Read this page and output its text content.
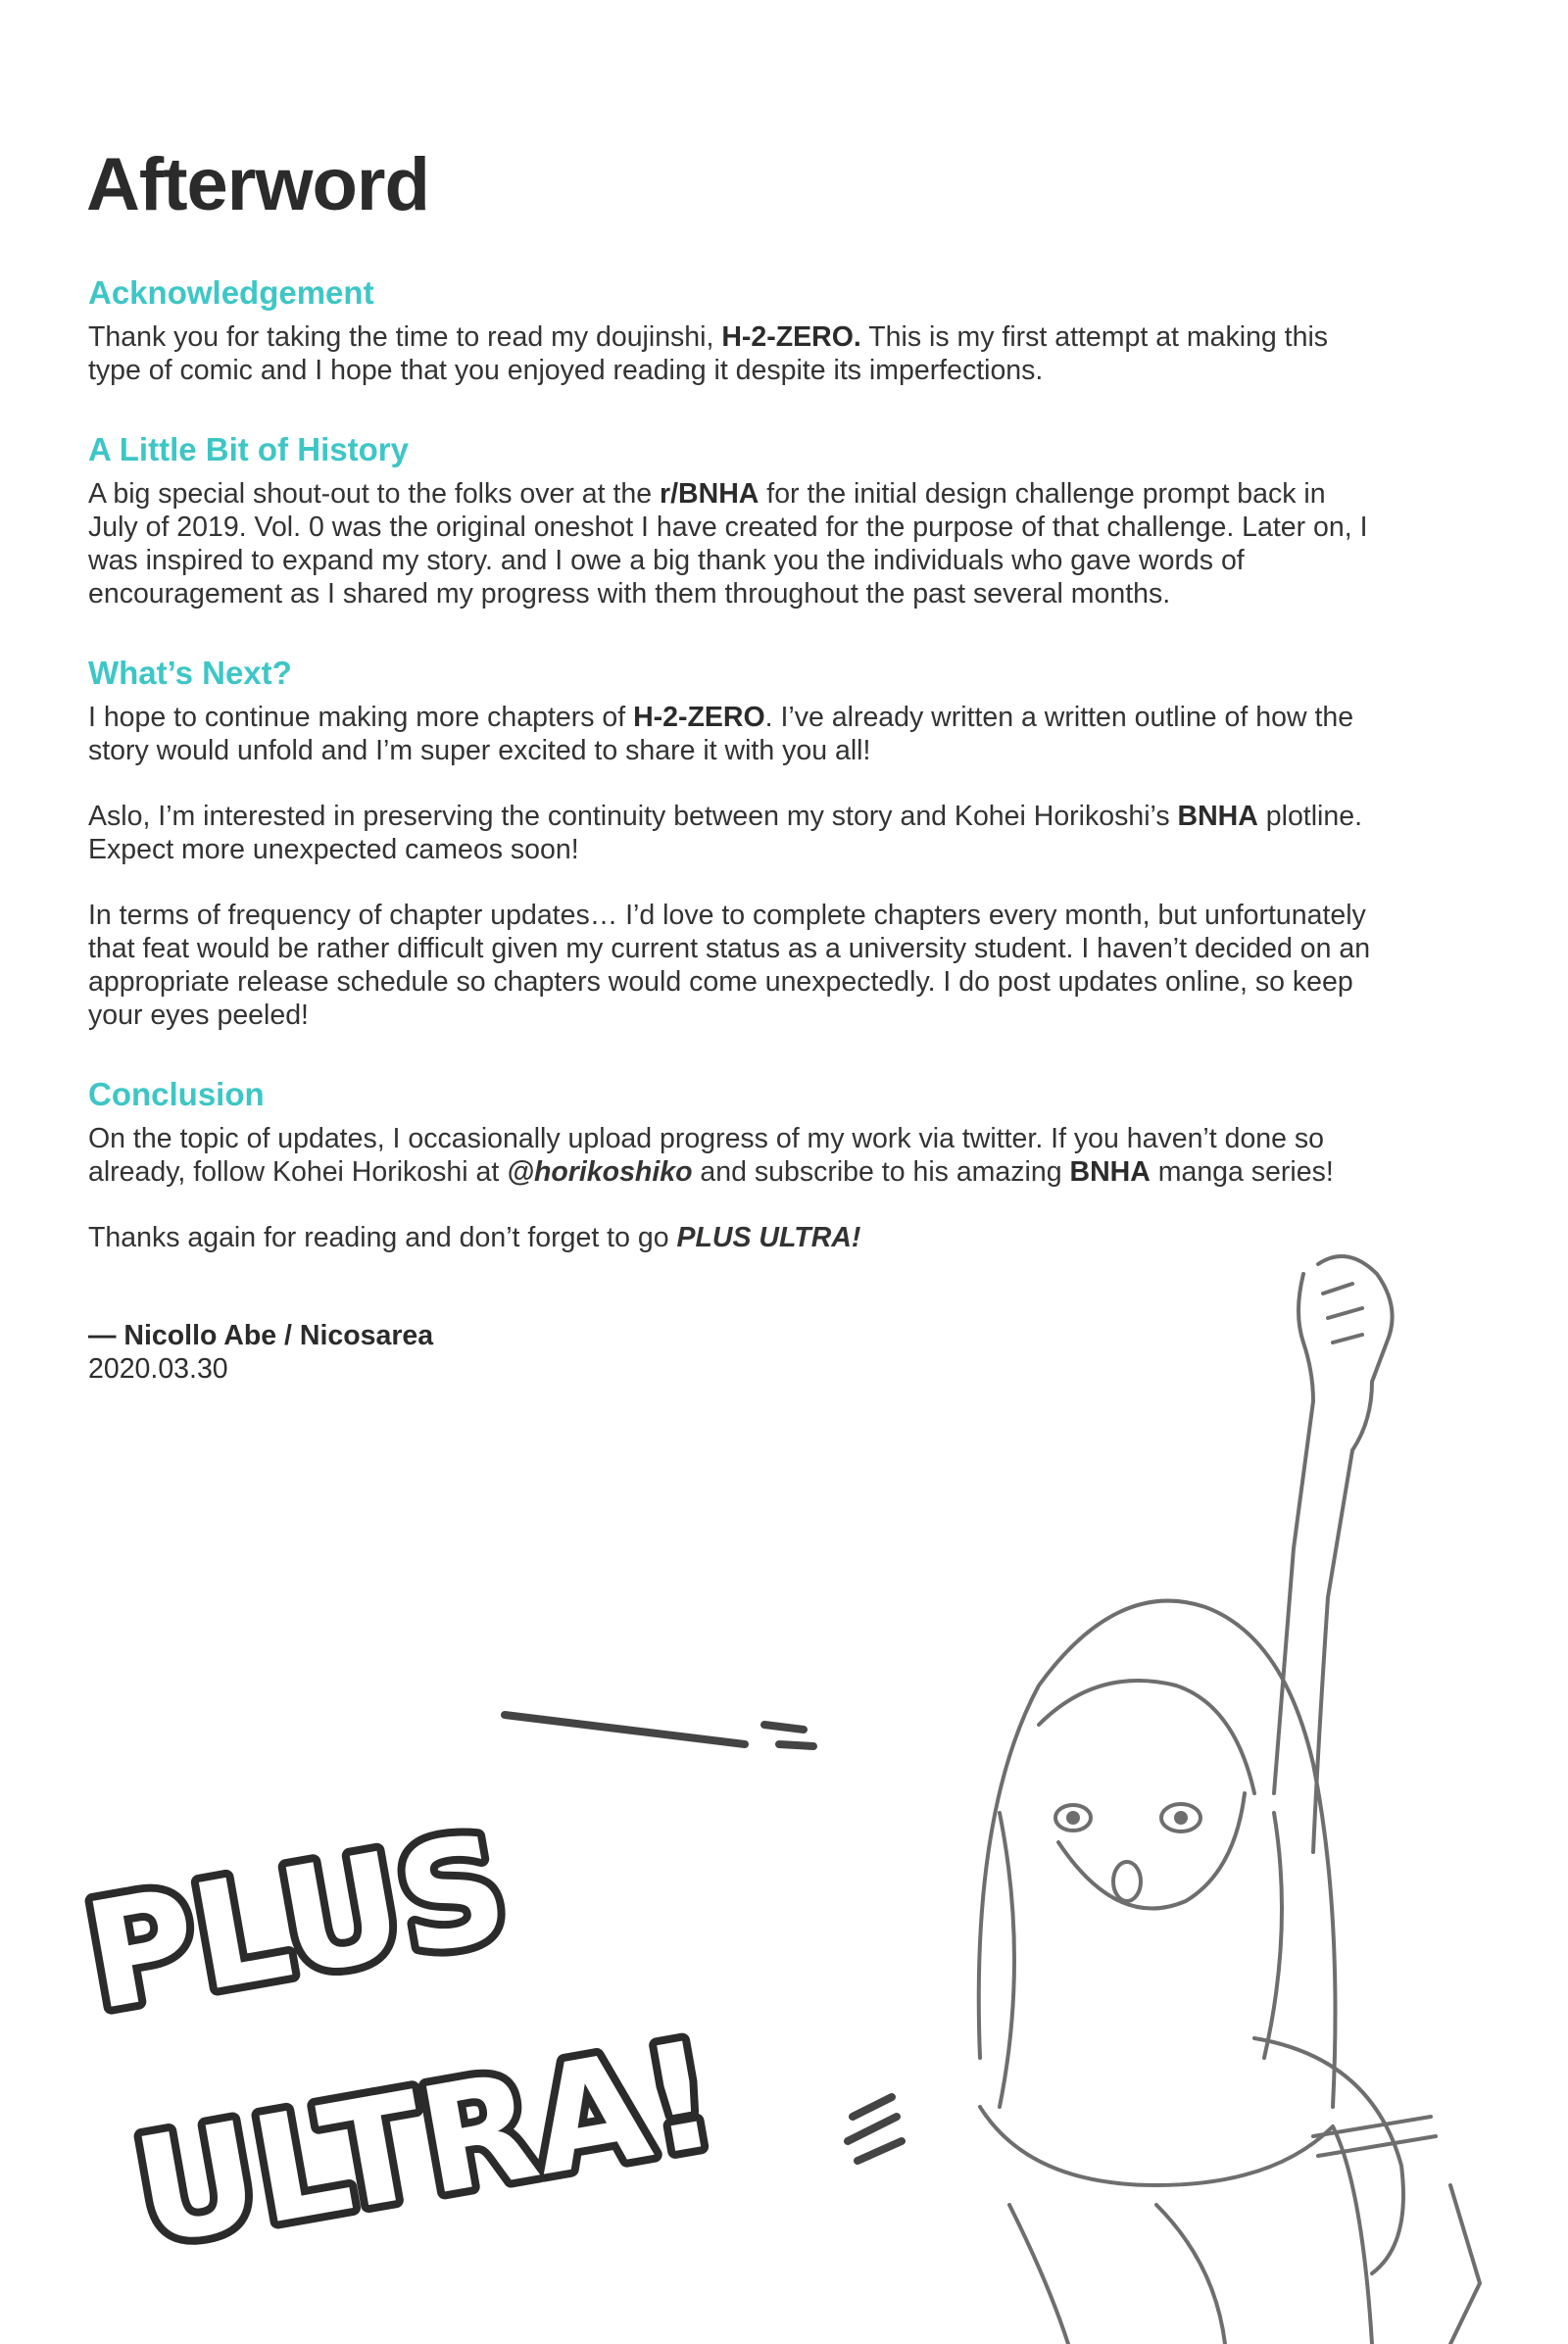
Afterword
Acknowledgement

Thank you for taking the time to read my doujinshi, H-2-ZERO. This is my first attempt at making this type of comic and I hope that you enjoyed reading it despite its imperfections.

A Little Bit of History

A big special shout-out to the folks over at the r/BNHA for the initial design challenge prompt back in July of 2019. Vol. 0 was the original oneshot I have created for the purpose of that challenge. Later on, I was inspired to expand my story. and I owe a big thank you the individuals who gave words of encouragement as I shared my progress with them throughout the past several months.

What’s Next?

I hope to continue making more chapters of H-2-ZERO. I’ve already written a written outline of how the story would unfold and I’m super excited to share it with you all!

Aslo, I’m interested in preserving the continuity between my story and Kohei Horikoshi’s BNHA plotline. Expect more unexpected cameos soon!

In terms of frequency of chapter updates… I’d love to complete chapters every month, but unfortunately that feat would be rather difficult given my current status as a university student. I haven’t decided on an appropriate release schedule so chapters would come unexpectedly. I do post updates online, so keep your eyes peeled!

Conclusion

On the topic of updates, I occasionally upload progress of my work via twitter. If you haven’t done so already, follow Kohei Horikoshi at @horikoshiko and subscribe to his amazing BNHA manga series!

Thanks again for reading and don’t forget to go PLUS ULTRA!

— Nicollo Abe / Nicosarea
2020.03.30
PLUS
ULTRA!
